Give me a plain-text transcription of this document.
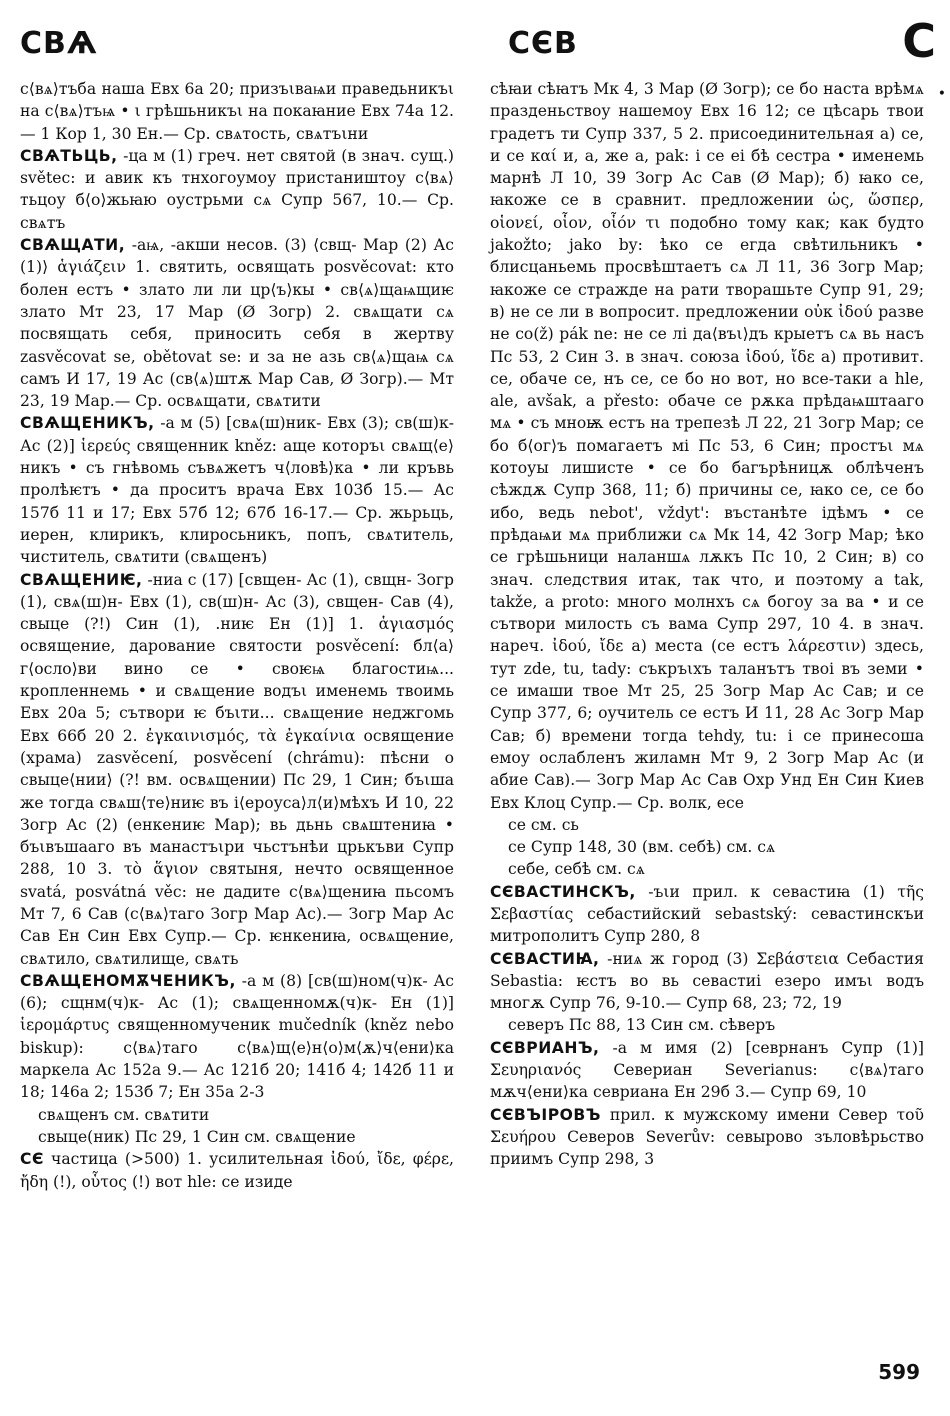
СВѦ	СЄВ	С
•

с⟨вѧ⟩тъба наша Евх 6а 20; призъιваѩи праведьникъι на с⟨вѧ⟩тъѩ • ι грѣшьникъι на покаꙗние Евх 74а 12.— 1 Кор 1, 30 Ен.— Ср. свѧтость, свѧтъιни

СВѦТЬЦЬ, -ца м (1) греч. нет святой (в знач. сущ.) světec: и авик къ тнхогоумоу пристаништоу с⟨вѧ⟩тьцоу б⟨о⟩жьꙗю оустрьми сѧ Супр 567, 10.— Ср. свѧтъ

СВѦЩАТИ, -аѩ, -акши несов. (3) ⟨свщ- Мар (2) Ас (1)⟩ ἁγιάζειν 1. святить, освящать posvěcovat: кто болен естъ • злато ли ли цр⟨ъ⟩кы • св⟨ѧ⟩щаѩщиѥ злато Мт 23, 17 Мар (Ø Зогр) 2. свѧщати сѧ посвящать себя, приносить себя в жертву zasvěcovat se, obětovat se: и за не азь св⟨ѧ⟩щаѩ сѧ самъ И 17, 19 Ас (св⟨ѧ⟩штѫ Мар Сав, Ø Зогр).— Мт 23, 19 Мар.— Ср. освѧщати, свѧтити

СВѦЩЕНИКЪ, -а м (5) [свѧ(ш)ник- Евх (3); св(ш)к- Ас (2)] ἱερεύς священник kněz: аще которъι свѧщ⟨е⟩никъ • съ гнѣвомь съвѧжетъ ч⟨ловѣ⟩ка • ли кръвь пролѣѥтъ • да проситъ врача Евх 103б 15.— Ас 157б 11 и 17; Евх 57б 12; 67б 16-17.— Ср. жьрьць, иерен, клирикъ, клиросьникъ, попъ, свѧтитель, чиститель, свѧтити (свѧщенъ)

СВѦЩЕНИѤ, -ниа с (17) [свщен- Ас (1), свщн- Зогр (1), свѧ(ш)н- Евх (1), св(ш)н- Ас (3), свщен- Сав (4), свыце (?!) Син (1), .ниѥ Ен (1)] 1. ἁγιασμός освящение, дарование святости posvěcení: бл⟨а⟩г⟨осло⟩ви вино се • своѥѩ благостиѩ... кропленнемь • и свѧщение водъι именемь твоимь Евх 20а 5; сътвори ѥ бъιти... свѧщение неджгомь Евх 66б 20 2. ἐγκαινισμός, τὰ ἐγκαίνια освящение (храма) zasvěcení, posvěcení (chrámu): пѣсни о свыце⟨нии⟩ (?! вм. освѧщении) Пс 29, 1 Син; бъιша же тогда свѧш⟨те⟩ниѥ въ і⟨ероуса⟩л⟨и⟩мѣхъ И 10, 22 Зогр Ас (2) (енкениѥ Мар); вь дьнь свѧштениꙗ • бъιвъшааго въ манастъιри чьстънѣи црькъви Супр 288, 10 3. τὸ ἅγιον святыня, нечто освященное svatá, posvátná věc: не дадите с⟨вѧ⟩щениꙗ пьсомъ Мт 7, 6 Сав (с⟨вѧ⟩таго Зогр Мар Ас).— Зогр Мар Ас Сав Ен Син Евх Супр.— Ср. ѥнкениꙗ, освѧщение, свѧтило, свѧтилище, свѧть

СВѦЩЕНОМѪЧЕНИКЪ, -а м (8) [св(ш)ном(ч)к- Ас (6); сщнм(ч)к- Ас (1); свѧщенномѫ(ч)к- Ен (1)] ἱερομάρτυς священномученик mučedník (kněz nebo biskup): с⟨вѧ⟩таго с⟨вѧ⟩щ⟨е⟩н⟨о⟩м⟨ѫ⟩ч⟨ени⟩ка маркела Ас 152а 9.— Ас 121б 20; 141б 4; 142б 11 и 18; 146а 2; 153б 7; Ен 35а 2-3

свѧщенъ см. свѧтити

свыце(ник) Пс 29, 1 Син см. свѧщение

СЄ частица (>500) 1. усилительная ἰδού, ἴδε, φέρε, ἤδη (!), οὗτος (!) вот hle: се изиде

сѣꙗи сѣꙗтъ Мк 4, 3 Мар (Ø Зогр); се бо наста врѣмѧ празденьствоу нашемоу Евх 16 12; се цѣсарь твои градетъ ти Супр 337, 5 2. присоединительная а) се, и се καί и, а, же а, pak: і се еі бѣ сестра • именемь марнѣ Л 10, 39 Зогр Ас Сав (Ø Мар); б) ꙗко се, ꙗкоже се в сравнит. предложении ὡς, ὥσπερ, οἱονεί, οἷον, οἷόν τι подобно тому как; как будто jakožto; jako by: ѣко се егда свѣтильникъ • блисцаньемь просвѣштаетъ сѧ Л 11, 36 Зогр Мар; ꙗкоже се стражде на рати творашьте Супр 91, 29; в) не се ли в вопросит. предложении οὐκ ἰδού разве не со(ž) pák ne: не се лі да⟨въι⟩дъ крыетъ сѧ вь насъ Пс 53, 2 Син 3. в знач. союза ἰδού, ἴδε а) противит. се, обаче се, нъ се, се бо но вот, но все-таки а hle, ale, avšak, a přesto: обаче се рѫка прѣдаѩштааго мѧ • съ мноѭ естъ на трепезѣ Л 22, 21 Зогр Мар; се бо б⟨ог⟩ъ помагаетъ мі Пс 53, 6 Син; простъι мѧ котоуы лишисте • се бо багърѣницѫ облѣченъ сѣждѫ Супр 368, 11; б) причины се, ꙗко се, се бо ибо, ведь nebot', vždyt': въстанѣте ідѣмъ • се прѣдаѩи мѧ приближи сѧ Мк 14, 42 Зогр Мар; ѣко се грѣшьници наланшѧ лѫкъ Пс 10, 2 Син; в) со знач. следствия итак, так что, и поэтому a tak, takže, a proto: много молнхъ сѧ богоу за ва • и се сътвори милость съ вама Супр 297, 10 4. в знач. нареч. ἰδού, ἴδε а) места (се естъ λάρεστιν) здесь, тут zde, tu, tady: съкръιхъ таланътъ твоі въ земи • се имаши твое Мт 25, 25 Зогр Мар Ас Сав; и се Супр 377, 6; оучитель се естъ И 11, 28 Ас Зогр Мар Сав; б) времени тогда tehdy, tu: і се принесоша емоу ослабленъ жиламн Мт 9, 2 Зогр Мар Ас (и абие Сав).— Зогр Мар Ас Сав Охр Унд Ен Син Киев Евх Клоц Супр.— Ср. волк, есе

се см. сь

се Супр 148, 30 (вм. себѣ) см. сѧ

себе, себѣ см. сѧ

СЄВАСТИНСКЪ, -ъιи прил. к севастиꙗ (1) τῆς Σεβαστίας себастийский sebastský: севастинскъи митрополитъ Супр 280, 8

СЄВАСТИꙖ, -ниѧ ж город (3) Σεβάστεια Себастия Sebastia: ѥстъ во вь севастиі езеро имъι водъ многѫ Супр 76, 9-10.— Супр 68, 23; 72, 19

северъ Пс 88, 13 Син см. сѣверъ

СЄВРИАНЪ, -а м имя (2) [севрнанъ Супр (1)] Σευηριανός Севериан Severianus: с⟨вѧ⟩таго мѫч⟨ени⟩ка севриана Ен 29б 3.— Супр 69, 10

СЄВЪIРОВЪ прил. к мужскому имени Север τοῦ Σευήρου Северов Severův: севырово зъловѣрьство приимъ Супр 298, 3

599
